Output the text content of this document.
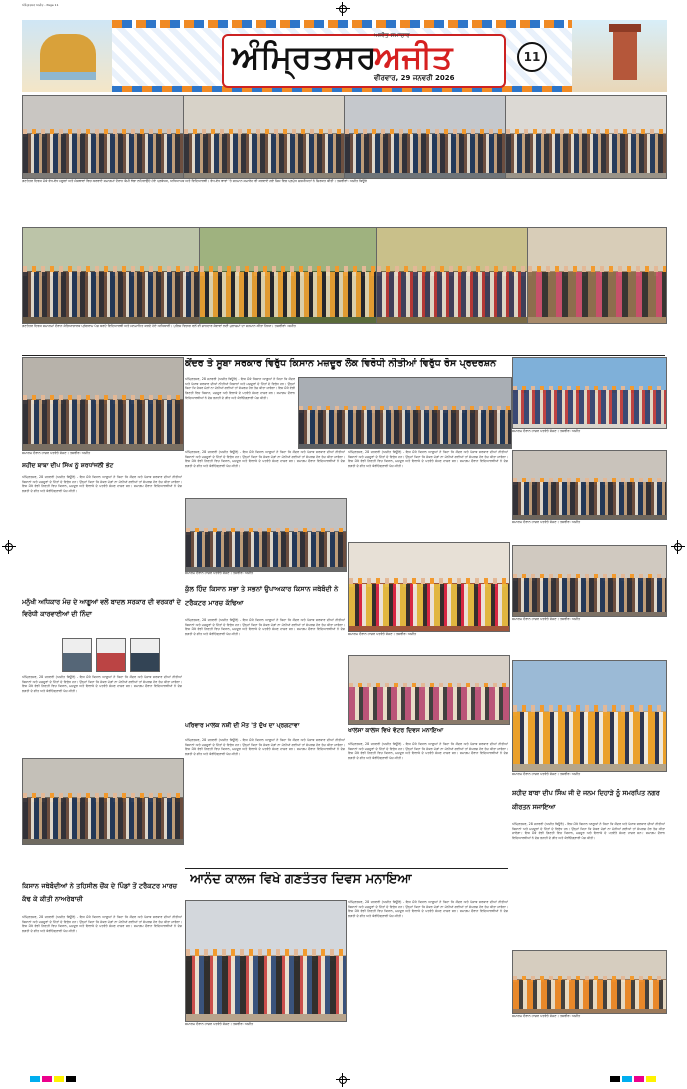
ਅੰਮ੍ਰਿਤਸਰ ਅਜੀਤ - Page 11
ਅੰਮ੍ਰਿਤਸਰ
ਅਜੀਤ ਸਮਾਚਾਰ
ਅਜੀਤ
ਵੀਰਵਾਰ, 29 ਜਨਵਰੀ 2026
11
ਗਣਤੰਤਰ ਦਿਵਸ ਮੌਕੇ ਵੱਖ-ਵੱਖ ਸਕੂਲਾਂ ਅਤੇ ਸੰਸਥਾਵਾਂ ਵਿਚ ਕਰਵਾਏ ਸਮਾਗਮਾਂ ਦੌਰਾਨ ਕੌਮੀ ਝੰਡਾ ਲਹਿਰਾਉਂਦੇ ਹੋਏ ਪ੍ਰਬੰਧਕ, ਅਧਿਆਪਕ ਅਤੇ ਵਿਦਿਆਰਥੀ। ਵੱਖ-ਵੱਖ ਥਾਵਾਂ 'ਤੇ ਸਨਮਾਨ ਸਮਾਰੋਹ ਵੀ ਕਰਵਾਏ ਗਏ ਜਿਸ ਵਿਚ ਪ੍ਰਮੁੱਖ ਸ਼ਖ਼ਸੀਅਤਾਂ ਨੇ ਸ਼ਿਰਕਤ ਕੀਤੀ। ਤਸਵੀਰਾਂ: ਅਜੀਤ ਬਿਊਰੋ
ਗਣਤੰਤਰ ਦਿਵਸ ਸਮਾਗਮਾਂ ਦੌਰਾਨ ਸੱਭਿਆਚਾਰਕ ਪ੍ਰੋਗਰਾਮ ਪੇਸ਼ ਕਰਦੇ ਵਿਦਿਆਰਥੀ ਅਤੇ ਸਨਮਾਨਿਤ ਕਰਦੇ ਹੋਏ ਅਧਿਕਾਰੀ। ਪੁਲਿਸ ਵਿਭਾਗ ਵਲੋਂ ਵੀ ਸ਼ਾਨਦਾਰ ਸੇਵਾਵਾਂ ਲਈ ਮੁਲਾਜ਼ਮਾਂ ਦਾ ਸਨਮਾਨ ਕੀਤਾ ਗਿਆ। ਤਸਵੀਰਾਂ: ਅਜੀਤ
ਕੇਂਦਰ ਤੇ ਸੂਬਾ ਸਰਕਾਰ ਵਿਰੁੱਧ ਕਿਸਾਨ ਮਜ਼ਦੂਰ ਲੋਕ ਵਿਰੋਧੀ ਨੀਤੀਆਂ ਵਿਰੁੱਧ ਰੋਸ ਪ੍ਰਦਰਸ਼ਨ
ਸਮਾਗਮ ਦੌਰਾਨ ਹਾਜ਼ਰ ਪਤਵੰਤੇ ਸੱਜਣ। ਤਸਵੀਰ: ਅਜੀਤ
ਸ਼ਹੀਦ ਬਾਬਾ ਦੀਪ ਸਿੰਘ ਨੂੰ ਸ਼ਰਧਾਂਜਲੀ ਭੇਟ
ਅੰਮ੍ਰਿਤਸਰ, 28 ਜਨਵਰੀ (ਅਜੀਤ ਬਿਊਰੋ) - ਇਸ ਮੌਕੇ ਕਿਸਾਨ ਆਗੂਆਂ ਨੇ ਕਿਹਾ ਕਿ ਕੇਂਦਰ ਅਤੇ ਪੰਜਾਬ ਸਰਕਾਰ ਦੀਆਂ ਨੀਤੀਆਂ ਕਿਸਾਨਾਂ ਅਤੇ ਮਜ਼ਦੂਰਾਂ ਦੇ ਹਿੱਤਾਂ ਦੇ ਵਿਰੁੱਧ ਹਨ। ਉਨ੍ਹਾਂ ਕਿਹਾ ਕਿ ਜੇਕਰ ਮੰਗਾਂ ਨਾ ਮੰਨੀਆਂ ਗਈਆਂ ਤਾਂ ਸੰਘਰਸ਼ ਹੋਰ ਤੇਜ਼ ਕੀਤਾ ਜਾਵੇਗਾ। ਇਸ ਮੌਕੇ ਵੱਡੀ ਗਿਣਤੀ ਵਿਚ ਕਿਸਾਨ, ਮਜ਼ਦੂਰ ਅਤੇ ਇਲਾਕੇ ਦੇ ਪਤਵੰਤੇ ਸੱਜਣ ਹਾਜ਼ਰ ਸਨ। ਸਮਾਗਮ ਦੌਰਾਨ ਵਿਦਿਆਰਥੀਆਂ ਨੇ ਦੇਸ਼ ਭਗਤੀ ਦੇ ਗੀਤ ਅਤੇ ਕੋਰੀਓਗ੍ਰਾਫੀ ਪੇਸ਼ ਕੀਤੀ।
ਮਨੁੱਖੀ ਅਧਿਕਾਰ ਮੰਚ ਦੇ ਆਗੂਆਂ ਵਲੋਂ ਬਾਦਲ ਸਰਕਾਰ ਦੀ ਵਰਕਰਾਂ ਦੇ ਵਿਰੋਧੀ ਕਾਰਵਾਈਆਂ ਦੀ ਨਿੰਦਾ
ਅੰਮ੍ਰਿਤਸਰ, 28 ਜਨਵਰੀ (ਅਜੀਤ ਬਿਊਰੋ) - ਇਸ ਮੌਕੇ ਕਿਸਾਨ ਆਗੂਆਂ ਨੇ ਕਿਹਾ ਕਿ ਕੇਂਦਰ ਅਤੇ ਪੰਜਾਬ ਸਰਕਾਰ ਦੀਆਂ ਨੀਤੀਆਂ ਕਿਸਾਨਾਂ ਅਤੇ ਮਜ਼ਦੂਰਾਂ ਦੇ ਹਿੱਤਾਂ ਦੇ ਵਿਰੁੱਧ ਹਨ। ਉਨ੍ਹਾਂ ਕਿਹਾ ਕਿ ਜੇਕਰ ਮੰਗਾਂ ਨਾ ਮੰਨੀਆਂ ਗਈਆਂ ਤਾਂ ਸੰਘਰਸ਼ ਹੋਰ ਤੇਜ਼ ਕੀਤਾ ਜਾਵੇਗਾ। ਇਸ ਮੌਕੇ ਵੱਡੀ ਗਿਣਤੀ ਵਿਚ ਕਿਸਾਨ, ਮਜ਼ਦੂਰ ਅਤੇ ਇਲਾਕੇ ਦੇ ਪਤਵੰਤੇ ਸੱਜਣ ਹਾਜ਼ਰ ਸਨ। ਸਮਾਗਮ ਦੌਰਾਨ ਵਿਦਿਆਰਥੀਆਂ ਨੇ ਦੇਸ਼ ਭਗਤੀ ਦੇ ਗੀਤ ਅਤੇ ਕੋਰੀਓਗ੍ਰਾਫੀ ਪੇਸ਼ ਕੀਤੀ।
ਕਿਸਾਨ ਜਥੇਬੰਦੀਆਂ ਨੇ ਤਹਿਸੀਲ ਚੌਂਕ ਦੇ ਪਿੰਡਾਂ ਤੋਂ ਟਰੈਕਟਰ ਮਾਰਚ ਕੱਢ ਕੇ ਕੀਤੀ ਨਾਅਰੇਬਾਜ਼ੀ
ਅੰਮ੍ਰਿਤਸਰ, 28 ਜਨਵਰੀ (ਅਜੀਤ ਬਿਊਰੋ) - ਇਸ ਮੌਕੇ ਕਿਸਾਨ ਆਗੂਆਂ ਨੇ ਕਿਹਾ ਕਿ ਕੇਂਦਰ ਅਤੇ ਪੰਜਾਬ ਸਰਕਾਰ ਦੀਆਂ ਨੀਤੀਆਂ ਕਿਸਾਨਾਂ ਅਤੇ ਮਜ਼ਦੂਰਾਂ ਦੇ ਹਿੱਤਾਂ ਦੇ ਵਿਰੁੱਧ ਹਨ। ਉਨ੍ਹਾਂ ਕਿਹਾ ਕਿ ਜੇਕਰ ਮੰਗਾਂ ਨਾ ਮੰਨੀਆਂ ਗਈਆਂ ਤਾਂ ਸੰਘਰਸ਼ ਹੋਰ ਤੇਜ਼ ਕੀਤਾ ਜਾਵੇਗਾ। ਇਸ ਮੌਕੇ ਵੱਡੀ ਗਿਣਤੀ ਵਿਚ ਕਿਸਾਨ, ਮਜ਼ਦੂਰ ਅਤੇ ਇਲਾਕੇ ਦੇ ਪਤਵੰਤੇ ਸੱਜਣ ਹਾਜ਼ਰ ਸਨ। ਸਮਾਗਮ ਦੌਰਾਨ ਵਿਦਿਆਰਥੀਆਂ ਨੇ ਦੇਸ਼ ਭਗਤੀ ਦੇ ਗੀਤ ਅਤੇ ਕੋਰੀਓਗ੍ਰਾਫੀ ਪੇਸ਼ ਕੀਤੀ।
ਅੰਮ੍ਰਿਤਸਰ, 28 ਜਨਵਰੀ (ਅਜੀਤ ਬਿਊਰੋ) - ਇਸ ਮੌਕੇ ਕਿਸਾਨ ਆਗੂਆਂ ਨੇ ਕਿਹਾ ਕਿ ਕੇਂਦਰ ਅਤੇ ਪੰਜਾਬ ਸਰਕਾਰ ਦੀਆਂ ਨੀਤੀਆਂ ਕਿਸਾਨਾਂ ਅਤੇ ਮਜ਼ਦੂਰਾਂ ਦੇ ਹਿੱਤਾਂ ਦੇ ਵਿਰੁੱਧ ਹਨ। ਉਨ੍ਹਾਂ ਕਿਹਾ ਕਿ ਜੇਕਰ ਮੰਗਾਂ ਨਾ ਮੰਨੀਆਂ ਗਈਆਂ ਤਾਂ ਸੰਘਰਸ਼ ਹੋਰ ਤੇਜ਼ ਕੀਤਾ ਜਾਵੇਗਾ। ਇਸ ਮੌਕੇ ਵੱਡੀ ਗਿਣਤੀ ਵਿਚ ਕਿਸਾਨ, ਮਜ਼ਦੂਰ ਅਤੇ ਇਲਾਕੇ ਦੇ ਪਤਵੰਤੇ ਸੱਜਣ ਹਾਜ਼ਰ ਸਨ। ਸਮਾਗਮ ਦੌਰਾਨ ਵਿਦਿਆਰਥੀਆਂ ਨੇ ਦੇਸ਼ ਭਗਤੀ ਦੇ ਗੀਤ ਅਤੇ ਕੋਰੀਓਗ੍ਰਾਫੀ ਪੇਸ਼ ਕੀਤੀ।
ਅੰਮ੍ਰਿਤਸਰ, 28 ਜਨਵਰੀ (ਅਜੀਤ ਬਿਊਰੋ) - ਇਸ ਮੌਕੇ ਕਿਸਾਨ ਆਗੂਆਂ ਨੇ ਕਿਹਾ ਕਿ ਕੇਂਦਰ ਅਤੇ ਪੰਜਾਬ ਸਰਕਾਰ ਦੀਆਂ ਨੀਤੀਆਂ ਕਿਸਾਨਾਂ ਅਤੇ ਮਜ਼ਦੂਰਾਂ ਦੇ ਹਿੱਤਾਂ ਦੇ ਵਿਰੁੱਧ ਹਨ। ਉਨ੍ਹਾਂ ਕਿਹਾ ਕਿ ਜੇਕਰ ਮੰਗਾਂ ਨਾ ਮੰਨੀਆਂ ਗਈਆਂ ਤਾਂ ਸੰਘਰਸ਼ ਹੋਰ ਤੇਜ਼ ਕੀਤਾ ਜਾਵੇਗਾ। ਇਸ ਮੌਕੇ ਵੱਡੀ ਗਿਣਤੀ ਵਿਚ ਕਿਸਾਨ, ਮਜ਼ਦੂਰ ਅਤੇ ਇਲਾਕੇ ਦੇ ਪਤਵੰਤੇ ਸੱਜਣ ਹਾਜ਼ਰ ਸਨ। ਸਮਾਗਮ ਦੌਰਾਨ ਵਿਦਿਆਰਥੀਆਂ ਨੇ ਦੇਸ਼ ਭਗਤੀ ਦੇ ਗੀਤ ਅਤੇ ਕੋਰੀਓਗ੍ਰਾਫੀ ਪੇਸ਼ ਕੀਤੀ।
ਸਮਾਗਮ ਦੌਰਾਨ ਹਾਜ਼ਰ ਪਤਵੰਤੇ ਸੱਜਣ। ਤਸਵੀਰ: ਅਜੀਤ
ਕੁੱਲ ਹਿੰਦ ਕਿਸਾਨ ਸਭਾ ਤੇ ਸਭਨਾਂ ਉਪਾਅਕਾਰ ਕਿਸਾਨ ਜਥੇਬੰਦੀ ਨੇ ਟਰੈਕਟਰ ਮਾਰਚ ਕੱਢਿਆ
ਅੰਮ੍ਰਿਤਸਰ, 28 ਜਨਵਰੀ (ਅਜੀਤ ਬਿਊਰੋ) - ਇਸ ਮੌਕੇ ਕਿਸਾਨ ਆਗੂਆਂ ਨੇ ਕਿਹਾ ਕਿ ਕੇਂਦਰ ਅਤੇ ਪੰਜਾਬ ਸਰਕਾਰ ਦੀਆਂ ਨੀਤੀਆਂ ਕਿਸਾਨਾਂ ਅਤੇ ਮਜ਼ਦੂਰਾਂ ਦੇ ਹਿੱਤਾਂ ਦੇ ਵਿਰੁੱਧ ਹਨ। ਉਨ੍ਹਾਂ ਕਿਹਾ ਕਿ ਜੇਕਰ ਮੰਗਾਂ ਨਾ ਮੰਨੀਆਂ ਗਈਆਂ ਤਾਂ ਸੰਘਰਸ਼ ਹੋਰ ਤੇਜ਼ ਕੀਤਾ ਜਾਵੇਗਾ। ਇਸ ਮੌਕੇ ਵੱਡੀ ਗਿਣਤੀ ਵਿਚ ਕਿਸਾਨ, ਮਜ਼ਦੂਰ ਅਤੇ ਇਲਾਕੇ ਦੇ ਪਤਵੰਤੇ ਸੱਜਣ ਹਾਜ਼ਰ ਸਨ। ਸਮਾਗਮ ਦੌਰਾਨ ਵਿਦਿਆਰਥੀਆਂ ਨੇ ਦੇਸ਼ ਭਗਤੀ ਦੇ ਗੀਤ ਅਤੇ ਕੋਰੀਓਗ੍ਰਾਫੀ ਪੇਸ਼ ਕੀਤੀ।
ਪਰਿਵਾਰ ਮਾਲਕ ਨਸ਼ੀ ਦੀ ਮੌਤ 'ਤੇ ਦੁੱਖ ਦਾ ਪ੍ਰਗਟਾਵਾ
ਅੰਮ੍ਰਿਤਸਰ, 28 ਜਨਵਰੀ (ਅਜੀਤ ਬਿਊਰੋ) - ਇਸ ਮੌਕੇ ਕਿਸਾਨ ਆਗੂਆਂ ਨੇ ਕਿਹਾ ਕਿ ਕੇਂਦਰ ਅਤੇ ਪੰਜਾਬ ਸਰਕਾਰ ਦੀਆਂ ਨੀਤੀਆਂ ਕਿਸਾਨਾਂ ਅਤੇ ਮਜ਼ਦੂਰਾਂ ਦੇ ਹਿੱਤਾਂ ਦੇ ਵਿਰੁੱਧ ਹਨ। ਉਨ੍ਹਾਂ ਕਿਹਾ ਕਿ ਜੇਕਰ ਮੰਗਾਂ ਨਾ ਮੰਨੀਆਂ ਗਈਆਂ ਤਾਂ ਸੰਘਰਸ਼ ਹੋਰ ਤੇਜ਼ ਕੀਤਾ ਜਾਵੇਗਾ। ਇਸ ਮੌਕੇ ਵੱਡੀ ਗਿਣਤੀ ਵਿਚ ਕਿਸਾਨ, ਮਜ਼ਦੂਰ ਅਤੇ ਇਲਾਕੇ ਦੇ ਪਤਵੰਤੇ ਸੱਜਣ ਹਾਜ਼ਰ ਸਨ। ਸਮਾਗਮ ਦੌਰਾਨ ਵਿਦਿਆਰਥੀਆਂ ਨੇ ਦੇਸ਼ ਭਗਤੀ ਦੇ ਗੀਤ ਅਤੇ ਕੋਰੀਓਗ੍ਰਾਫੀ ਪੇਸ਼ ਕੀਤੀ।
ਅੰਮ੍ਰਿਤਸਰ, 28 ਜਨਵਰੀ (ਅਜੀਤ ਬਿਊਰੋ) - ਇਸ ਮੌਕੇ ਕਿਸਾਨ ਆਗੂਆਂ ਨੇ ਕਿਹਾ ਕਿ ਕੇਂਦਰ ਅਤੇ ਪੰਜਾਬ ਸਰਕਾਰ ਦੀਆਂ ਨੀਤੀਆਂ ਕਿਸਾਨਾਂ ਅਤੇ ਮਜ਼ਦੂਰਾਂ ਦੇ ਹਿੱਤਾਂ ਦੇ ਵਿਰੁੱਧ ਹਨ। ਉਨ੍ਹਾਂ ਕਿਹਾ ਕਿ ਜੇਕਰ ਮੰਗਾਂ ਨਾ ਮੰਨੀਆਂ ਗਈਆਂ ਤਾਂ ਸੰਘਰਸ਼ ਹੋਰ ਤੇਜ਼ ਕੀਤਾ ਜਾਵੇਗਾ। ਇਸ ਮੌਕੇ ਵੱਡੀ ਗਿਣਤੀ ਵਿਚ ਕਿਸਾਨ, ਮਜ਼ਦੂਰ ਅਤੇ ਇਲਾਕੇ ਦੇ ਪਤਵੰਤੇ ਸੱਜਣ ਹਾਜ਼ਰ ਸਨ। ਸਮਾਗਮ ਦੌਰਾਨ ਵਿਦਿਆਰਥੀਆਂ ਨੇ ਦੇਸ਼ ਭਗਤੀ ਦੇ ਗੀਤ ਅਤੇ ਕੋਰੀਓਗ੍ਰਾਫੀ ਪੇਸ਼ ਕੀਤੀ।
ਸਮਾਗਮ ਦੌਰਾਨ ਹਾਜ਼ਰ ਪਤਵੰਤੇ ਸੱਜਣ। ਤਸਵੀਰ: ਅਜੀਤ
ਖਾਲਸਾ ਕਾਲਜ ਵਿਖੇ ਵੋਟਰ ਦਿਵਸ ਮਨਾਇਆ
ਅੰਮ੍ਰਿਤਸਰ, 28 ਜਨਵਰੀ (ਅਜੀਤ ਬਿਊਰੋ) - ਇਸ ਮੌਕੇ ਕਿਸਾਨ ਆਗੂਆਂ ਨੇ ਕਿਹਾ ਕਿ ਕੇਂਦਰ ਅਤੇ ਪੰਜਾਬ ਸਰਕਾਰ ਦੀਆਂ ਨੀਤੀਆਂ ਕਿਸਾਨਾਂ ਅਤੇ ਮਜ਼ਦੂਰਾਂ ਦੇ ਹਿੱਤਾਂ ਦੇ ਵਿਰੁੱਧ ਹਨ। ਉਨ੍ਹਾਂ ਕਿਹਾ ਕਿ ਜੇਕਰ ਮੰਗਾਂ ਨਾ ਮੰਨੀਆਂ ਗਈਆਂ ਤਾਂ ਸੰਘਰਸ਼ ਹੋਰ ਤੇਜ਼ ਕੀਤਾ ਜਾਵੇਗਾ। ਇਸ ਮੌਕੇ ਵੱਡੀ ਗਿਣਤੀ ਵਿਚ ਕਿਸਾਨ, ਮਜ਼ਦੂਰ ਅਤੇ ਇਲਾਕੇ ਦੇ ਪਤਵੰਤੇ ਸੱਜਣ ਹਾਜ਼ਰ ਸਨ। ਸਮਾਗਮ ਦੌਰਾਨ ਵਿਦਿਆਰਥੀਆਂ ਨੇ ਦੇਸ਼ ਭਗਤੀ ਦੇ ਗੀਤ ਅਤੇ ਕੋਰੀਓਗ੍ਰਾਫੀ ਪੇਸ਼ ਕੀਤੀ।
ਸਮਾਗਮ ਦੌਰਾਨ ਹਾਜ਼ਰ ਪਤਵੰਤੇ ਸੱਜਣ। ਤਸਵੀਰ: ਅਜੀਤ
ਸਮਾਗਮ ਦੌਰਾਨ ਹਾਜ਼ਰ ਪਤਵੰਤੇ ਸੱਜਣ। ਤਸਵੀਰ: ਅਜੀਤ
ਸਮਾਗਮ ਦੌਰਾਨ ਹਾਜ਼ਰ ਪਤਵੰਤੇ ਸੱਜਣ। ਤਸਵੀਰ: ਅਜੀਤ
ਸਮਾਗਮ ਦੌਰਾਨ ਹਾਜ਼ਰ ਪਤਵੰਤੇ ਸੱਜਣ। ਤਸਵੀਰ: ਅਜੀਤ
ਸ਼ਹੀਦ ਬਾਬਾ ਦੀਪ ਸਿੰਘ ਜੀ ਦੇ ਜਨਮ ਦਿਹਾੜੇ ਨੂੰ ਸਮਰਪਿਤ ਨਗਰ ਕੀਰਤਨ ਸਜਾਇਆ
ਅੰਮ੍ਰਿਤਸਰ, 28 ਜਨਵਰੀ (ਅਜੀਤ ਬਿਊਰੋ) - ਇਸ ਮੌਕੇ ਕਿਸਾਨ ਆਗੂਆਂ ਨੇ ਕਿਹਾ ਕਿ ਕੇਂਦਰ ਅਤੇ ਪੰਜਾਬ ਸਰਕਾਰ ਦੀਆਂ ਨੀਤੀਆਂ ਕਿਸਾਨਾਂ ਅਤੇ ਮਜ਼ਦੂਰਾਂ ਦੇ ਹਿੱਤਾਂ ਦੇ ਵਿਰੁੱਧ ਹਨ। ਉਨ੍ਹਾਂ ਕਿਹਾ ਕਿ ਜੇਕਰ ਮੰਗਾਂ ਨਾ ਮੰਨੀਆਂ ਗਈਆਂ ਤਾਂ ਸੰਘਰਸ਼ ਹੋਰ ਤੇਜ਼ ਕੀਤਾ ਜਾਵੇਗਾ। ਇਸ ਮੌਕੇ ਵੱਡੀ ਗਿਣਤੀ ਵਿਚ ਕਿਸਾਨ, ਮਜ਼ਦੂਰ ਅਤੇ ਇਲਾਕੇ ਦੇ ਪਤਵੰਤੇ ਸੱਜਣ ਹਾਜ਼ਰ ਸਨ। ਸਮਾਗਮ ਦੌਰਾਨ ਵਿਦਿਆਰਥੀਆਂ ਨੇ ਦੇਸ਼ ਭਗਤੀ ਦੇ ਗੀਤ ਅਤੇ ਕੋਰੀਓਗ੍ਰਾਫੀ ਪੇਸ਼ ਕੀਤੀ।
ਸਮਾਗਮ ਦੌਰਾਨ ਹਾਜ਼ਰ ਪਤਵੰਤੇ ਸੱਜਣ। ਤਸਵੀਰ: ਅਜੀਤ
ਆਨੰਦ ਕਾਲਜ ਵਿਖੇ ਗਣਤੰਤਰ ਦਿਵਸ ਮਨਾਇਆ
ਸਮਾਗਮ ਦੌਰਾਨ ਹਾਜ਼ਰ ਪਤਵੰਤੇ ਸੱਜਣ। ਤਸਵੀਰ: ਅਜੀਤ
ਅੰਮ੍ਰਿਤਸਰ, 28 ਜਨਵਰੀ (ਅਜੀਤ ਬਿਊਰੋ) - ਇਸ ਮੌਕੇ ਕਿਸਾਨ ਆਗੂਆਂ ਨੇ ਕਿਹਾ ਕਿ ਕੇਂਦਰ ਅਤੇ ਪੰਜਾਬ ਸਰਕਾਰ ਦੀਆਂ ਨੀਤੀਆਂ ਕਿਸਾਨਾਂ ਅਤੇ ਮਜ਼ਦੂਰਾਂ ਦੇ ਹਿੱਤਾਂ ਦੇ ਵਿਰੁੱਧ ਹਨ। ਉਨ੍ਹਾਂ ਕਿਹਾ ਕਿ ਜੇਕਰ ਮੰਗਾਂ ਨਾ ਮੰਨੀਆਂ ਗਈਆਂ ਤਾਂ ਸੰਘਰਸ਼ ਹੋਰ ਤੇਜ਼ ਕੀਤਾ ਜਾਵੇਗਾ। ਇਸ ਮੌਕੇ ਵੱਡੀ ਗਿਣਤੀ ਵਿਚ ਕਿਸਾਨ, ਮਜ਼ਦੂਰ ਅਤੇ ਇਲਾਕੇ ਦੇ ਪਤਵੰਤੇ ਸੱਜਣ ਹਾਜ਼ਰ ਸਨ। ਸਮਾਗਮ ਦੌਰਾਨ ਵਿਦਿਆਰਥੀਆਂ ਨੇ ਦੇਸ਼ ਭਗਤੀ ਦੇ ਗੀਤ ਅਤੇ ਕੋਰੀਓਗ੍ਰਾਫੀ ਪੇਸ਼ ਕੀਤੀ।
